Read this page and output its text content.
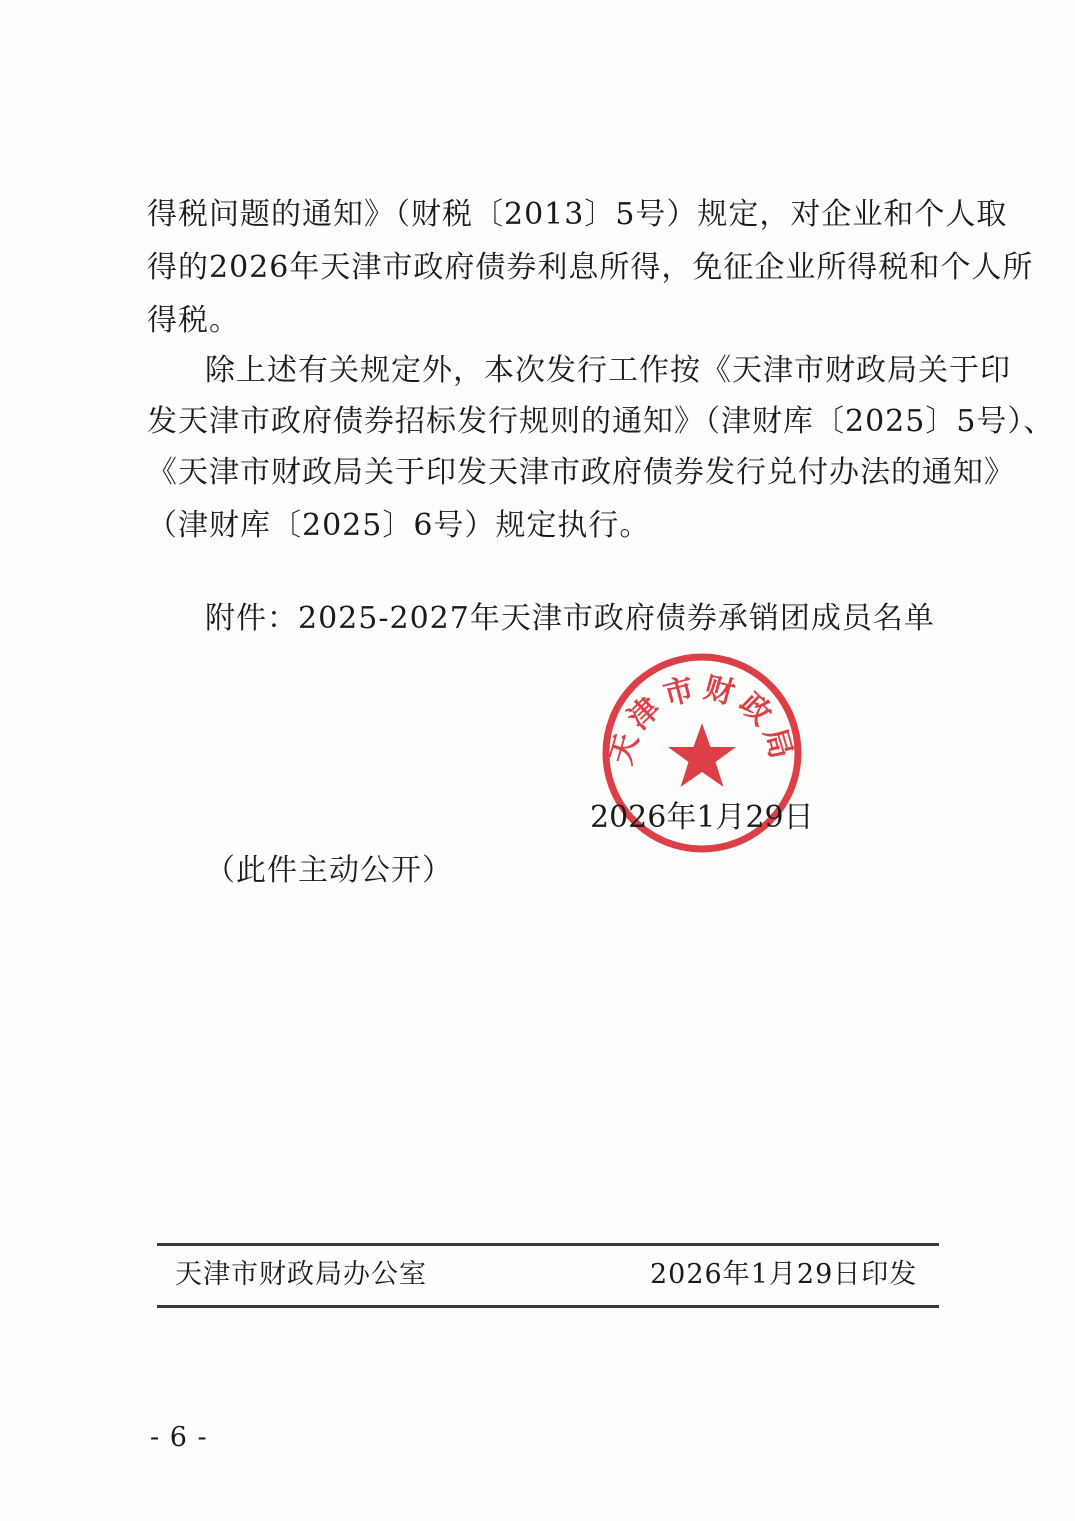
得税问题的通知》（财税〔2013〕5号）规定，对企业和个人取
得的2026年天津市政府债券利息所得，免征企业所得税和个人所
得税。
除上述有关规定外，本次发行工作按《天津市财政局关于印
发天津市政府债券招标发行规则的通知》（津财库〔2025〕5号）、
《天津市财政局关于印发天津市政府债券发行兑付办法的通知》
（津财库〔2025〕6号）规定执行。
附件：2025-2027年天津市政府债券承销团成员名单
天津市财政局
2026年1月29日
（此件主动公开）
天津市财政局办公室	2026年1月29日印发
- 6 -
